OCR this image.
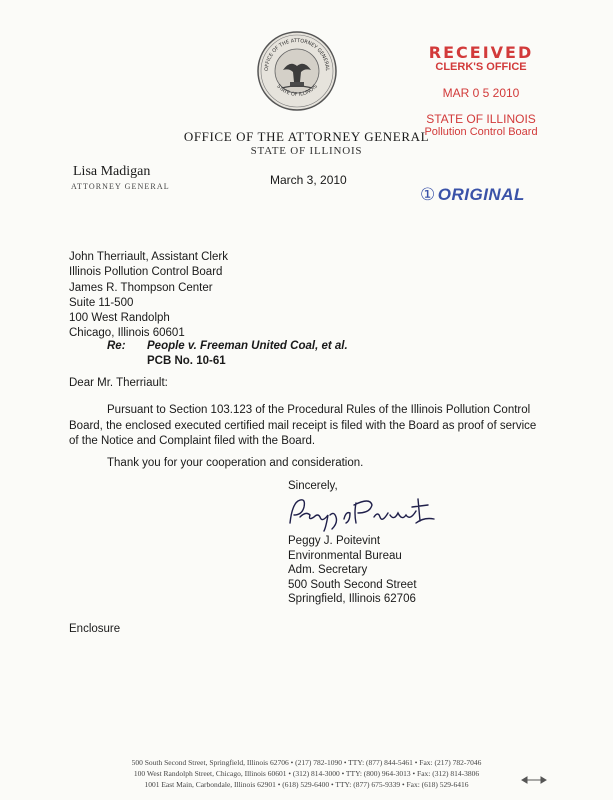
OFFICE OF THE ATTORNEY GENERAL
STATE OF ILLINOIS
RECEIVED
CLERK'S OFFICE
MAR 0 5 2010
STATE OF ILLINOIS
Pollution Control Board
OFFICE OF THE ATTORNEY GENERAL
STATE OF ILLINOIS
Lisa Madigan
ATTORNEY GENERAL	March 3, 2010
① ORIGINAL
John Therriault, Assistant Clerk
Illinois Pollution Control Board
James R. Thompson Center
Suite 11-500
100 West Randolph
Chicago, Illinois 60601
Re: People v. Freeman United Coal, et al.
PCB No. 10-61
Dear Mr. Therriault:
Pursuant to Section 103.123 of the Procedural Rules of the Illinois Pollution Control Board, the enclosed executed certified mail receipt is filed with the Board as proof of service of the Notice and Complaint filed with the Board.
Thank you for your cooperation and consideration.
Sincerely,
Peggy J. Poitevint
Environmental Bureau
Adm. Secretary
500 South Second Street
Springfield, Illinois 62706
Enclosure
500 South Second Street, Springfield, Illinois 62706 • (217) 782-1090 • TTY: (877) 844-5461 • Fax: (217) 782-7046
100 West Randolph Street, Chicago, Illinois 60601 • (312) 814-3000 • TTY: (800) 964-3013 • Fax: (312) 814-3806
1001 East Main, Carbondale, Illinois 62901 • (618) 529-6400 • TTY: (877) 675-9339 • Fax: (618) 529-6416
